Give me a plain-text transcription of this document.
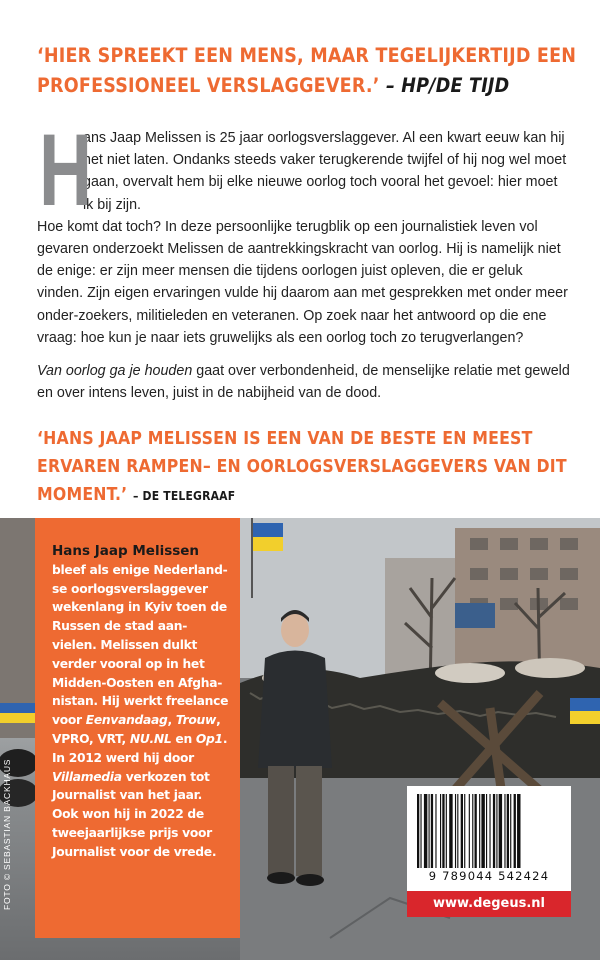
‘HIER SPREEKT EEN MENS, MAAR TEGELIJKERTIJD EEN PROFESSIONEEL VERSLAGGEVER.’ – HP/DE TIJD
H

ans Jaap Melissen is 25 jaar oorlogsverslaggever. Al een kwart eeuw kan hij het niet laten. Ondanks steeds vaker terugkerende twijfel of hij nog wel moet gaan, overvalt hem bij elke nieuwe oorlog toch vooral het gevoel: hier moet ik bij zijn.

Hoe komt dat toch? In deze persoonlijke terugblik op een journalistiek leven vol gevaren onderzoekt Melissen de aantrekkingskracht van oorlog. Hij is namelijk niet de enige: er zijn meer mensen die tijdens oorlogen juist opleven, die er geluk vinden. Zijn eigen ervaringen vulde hij daarom aan met gesprekken met onder meer onder-zoekers, militieleden en veteranen. Op zoek naar het antwoord op die ene vraag: hoe kun je naar iets gruwelijks als een oorlog toch zo terugverlangen?

Van oorlog ga je houden gaat over verbondenheid, de menselijke relatie met geweld en over intens leven, juist in de nabijheid van de dood.

‘HANS JAAP MELISSEN IS EEN VAN DE BESTE EN MEEST ERVAREN RAMPEN– EN OORLOGSVERSLAGGEVERS VAN DIT MOMENT.’ – DE TELEGRAAF
FOTO © SEBASTIAN BACKHAUS
Hans Jaap Melissen bleef als enige Nederland-se oorlogsverslaggever wekenlang in Kyiv toen de Russen de stad aan-vielen. Melissen dulkt verder vooral op in het Midden-Oosten en Afgha-nistan. Hij werkt freelance voor Eenvandaag, Trouw, VPRO, VRT, NU.NL en Op1. In 2012 werd hij door Villamedia verkozen tot Journalist van het jaar. Ook won hij in 2022 de tweejaarlijkse prijs voor Journalist voor de vrede.
9 789044 542424
www.degeus.nl
